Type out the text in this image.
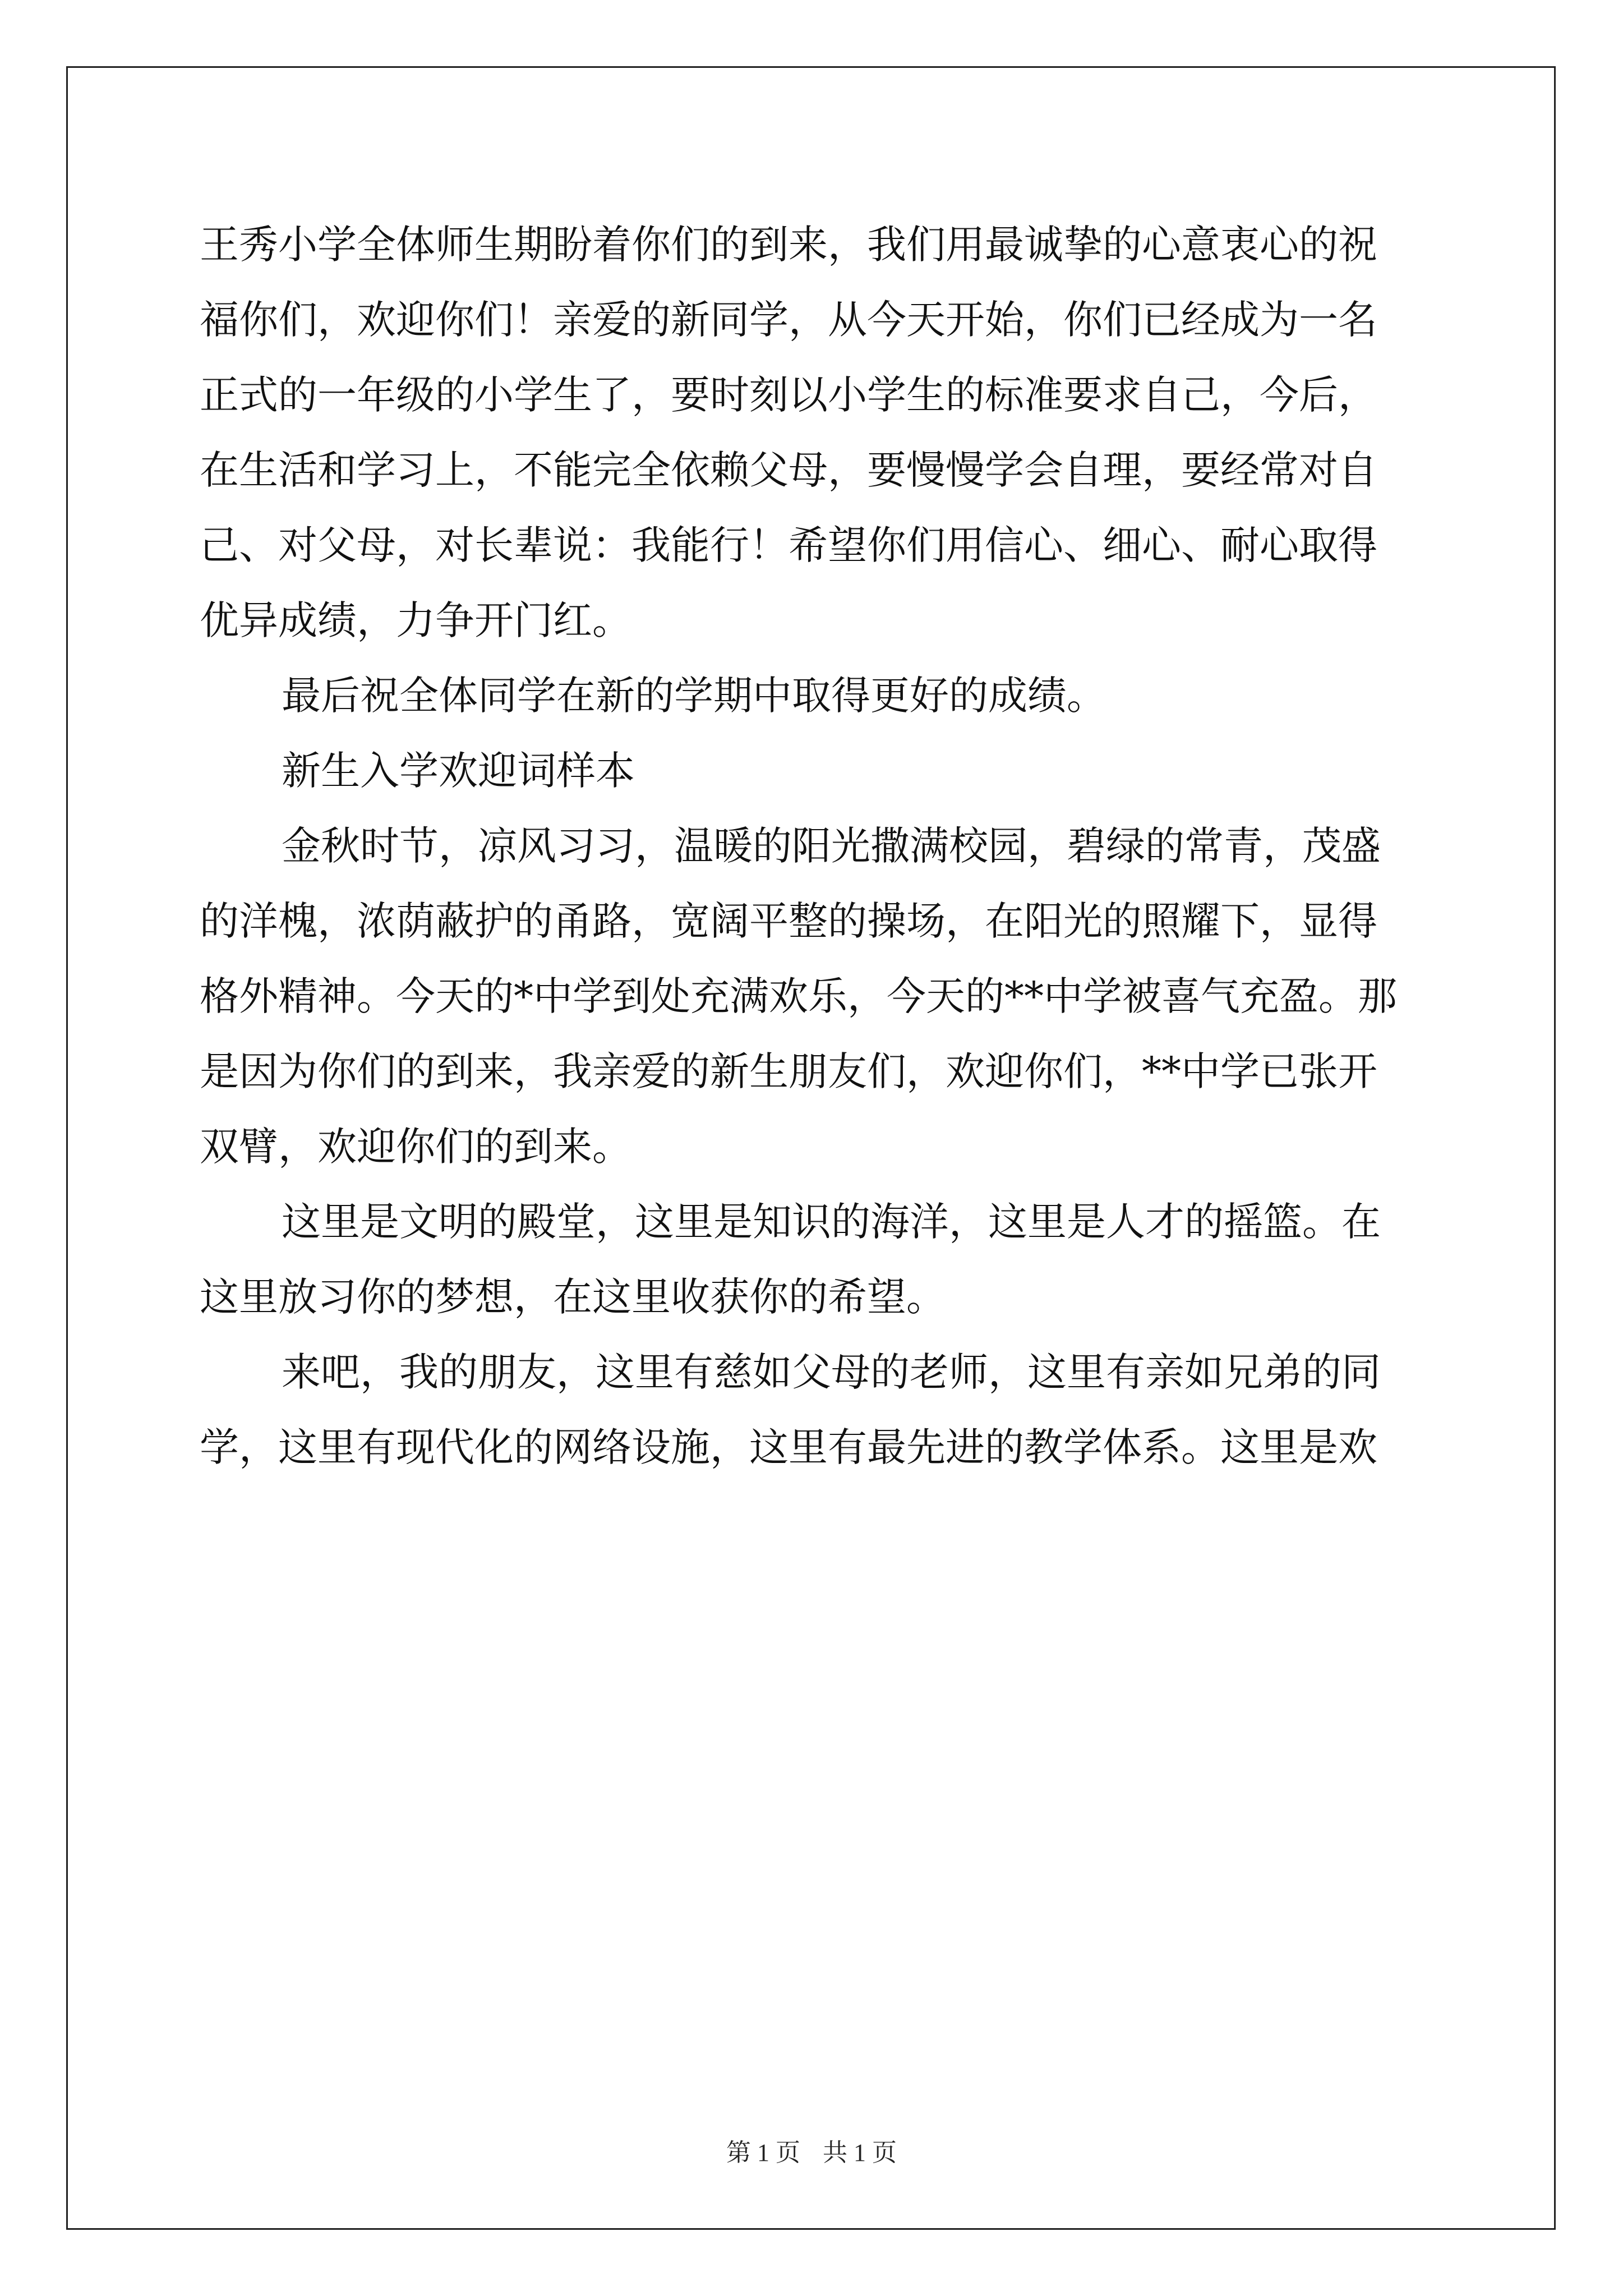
王秀小学全体师生期盼着你们的到来，我们用最诚挚的心意衷心的祝
福你们，欢迎你们！亲爱的新同学，从今天开始，你们已经成为一名
正式的一年级的小学生了，要时刻以小学生的标准要求自己，今后，
在生活和学习上，不能完全依赖父母，要慢慢学会自理，要经常对自
己、对父母，对长辈说：我能行！希望你们用信心、细心、耐心取得
优异成绩，力争开门红。
最后祝全体同学在新的学期中取得更好的成绩。
新生入学欢迎词样本
金秋时节，凉风习习，温暖的阳光撒满校园，碧绿的常青，茂盛
的洋槐，浓荫蔽护的甬路，宽阔平整的操场，在阳光的照耀下，显得
格外精神。今天的*中学到处充满欢乐，今天的**中学被喜气充盈。那
是因为你们的到来，我亲爱的新生朋友们，欢迎你们，**中学已张开
双臂，欢迎你们的到来。
这里是文明的殿堂，这里是知识的海洋，这里是人才的摇篮。在
这里放习你的梦想，在这里收获你的希望。
来吧，我的朋友，这里有慈如父母的老师，这里有亲如兄弟的同
学，这里有现代化的网络设施，这里有最先进的教学体系。这里是欢
第 1 页 共 1 页
